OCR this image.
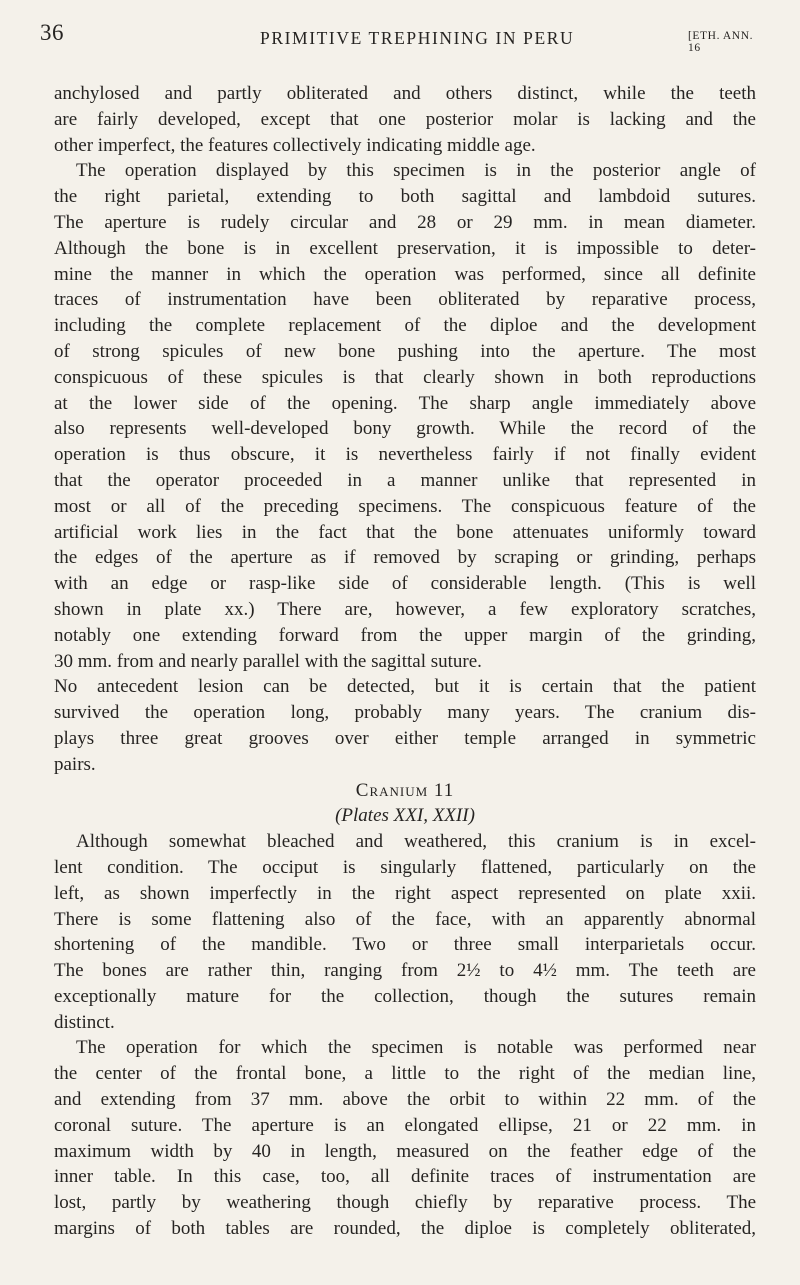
36	PRIMITIVE TREPHINING IN PERU	[ETH. ANN. 16
anchylosed and partly obliterated and others distinct, while the teeth
are fairly developed, except that one posterior molar is lacking and the
other imperfect, the features collectively indicating middle age.
The operation displayed by this specimen is in the posterior angle of
the right parietal, extending to both sagittal and lambdoid sutures.
The aperture is rudely circular and 28 or 29 mm. in mean diameter.
Although the bone is in excellent preservation, it is impossible to deter-
mine the manner in which the operation was performed, since all definite
traces of instrumentation have been obliterated by reparative process,
including the complete replacement of the diploe and the development
of strong spicules of new bone pushing into the aperture. The most
conspicuous of these spicules is that clearly shown in both reproductions
at the lower side of the opening. The sharp angle immediately above
also represents well-developed bony growth. While the record of the
operation is thus obscure, it is nevertheless fairly if not finally evident
that the operator proceeded in a manner unlike that represented in
most or all of the preceding specimens. The conspicuous feature of the
artificial work lies in the fact that the bone attenuates uniformly toward
the edges of the aperture as if removed by scraping or grinding, perhaps
with an edge or rasp-like side of considerable length. (This is well
shown in plate xx.) There are, however, a few exploratory scratches,
notably one extending forward from the upper margin of the grinding,
30 mm. from and nearly parallel with the sagittal suture.
No antecedent lesion can be detected, but it is certain that the patient
survived the operation long, probably many years. The cranium dis-
plays three great grooves over either temple arranged in symmetric
pairs.
Cranium 11
(Plates XXI, XXII)
Although somewhat bleached and weathered, this cranium is in excel-
lent condition. The occiput is singularly flattened, particularly on the
left, as shown imperfectly in the right aspect represented on plate xxii.
There is some flattening also of the face, with an apparently abnormal
shortening of the mandible. Two or three small interparietals occur.
The bones are rather thin, ranging from 2½ to 4½ mm. The teeth are
exceptionally mature for the collection, though the sutures remain
distinct.
The operation for which the specimen is notable was performed near
the center of the frontal bone, a little to the right of the median line,
and extending from 37 mm. above the orbit to within 22 mm. of the
coronal suture. The aperture is an elongated ellipse, 21 or 22 mm. in
maximum width by 40 in length, measured on the feather edge of the
inner table. In this case, too, all definite traces of instrumentation are
lost, partly by weathering though chiefly by reparative process. The
margins of both tables are rounded, the diploe is completely obliterated,
